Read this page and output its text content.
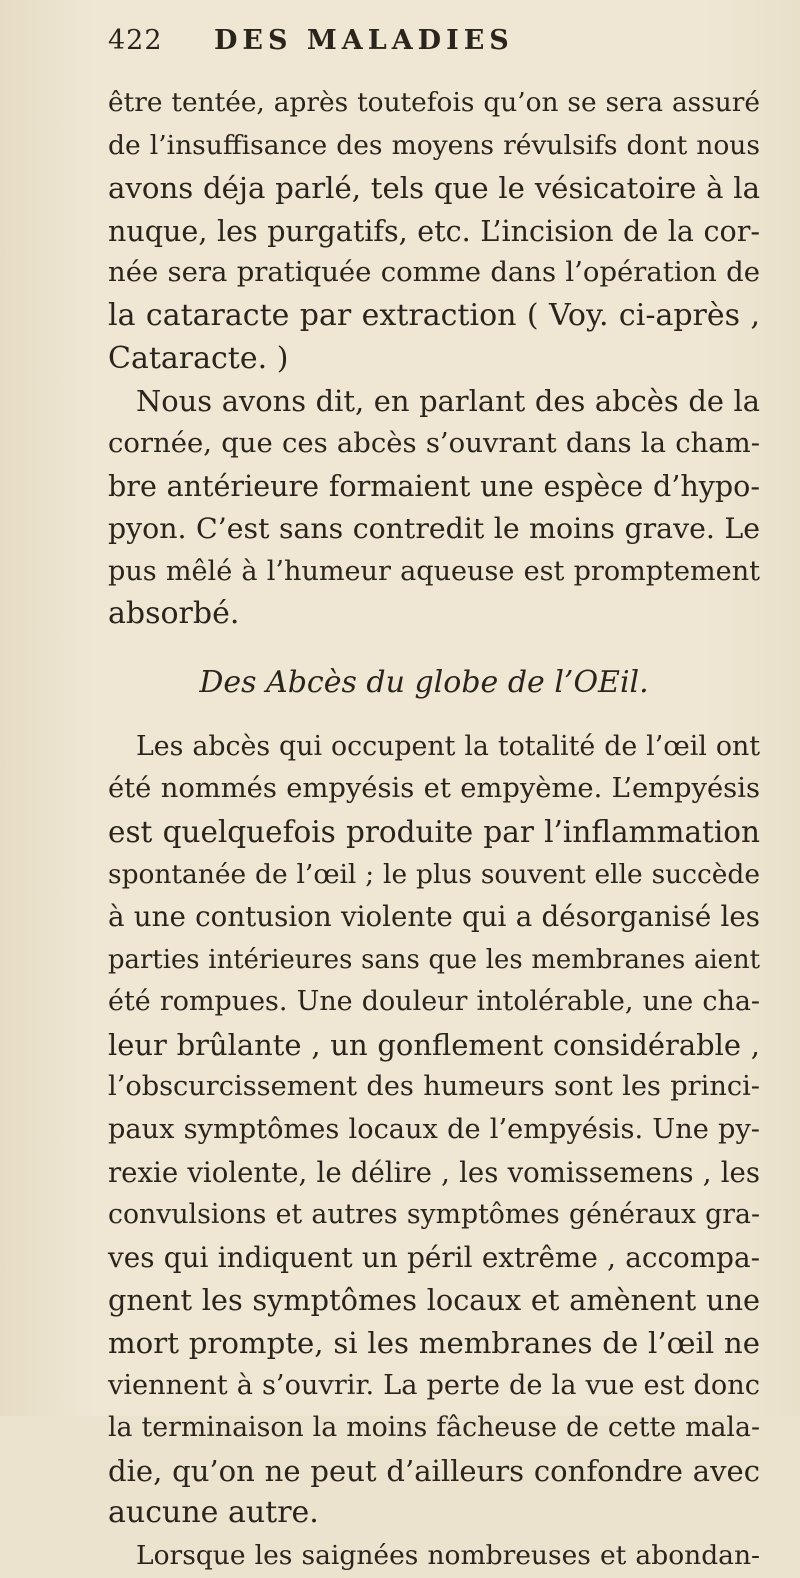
422 DES MALADIES

être tentée, après toutefois qu’on se sera assuré
de l’insuffisance des moyens révulsifs dont nous
avons déja parlé, tels que le vésicatoire à la
nuque, les purgatifs, etc. L’incision de la cor-
née sera pratiquée comme dans l’opération de
la cataracte par extraction ( Voy. ci-après ,
Cataracte. )

Nous avons dit, en parlant des abcès de la
cornée, que ces abcès s’ouvrant dans la cham-
bre antérieure formaient une espèce d’hypo-
pyon. C’est sans contredit le moins grave. Le
pus mêlé à l’humeur aqueuse est promptement
absorbé.

Des Abcès du globe de l’OEil.

Les abcès qui occupent la totalité de l’œil ont
été nommés empyésis et empyème. L’empyésis
est quelquefois produite par l’inflammation
spontanée de l’œil ; le plus souvent elle succède
à une contusion violente qui a désorganisé les
parties intérieures sans que les membranes aient
été rompues. Une douleur intolérable, une cha-
leur brûlante , un gonflement considérable ,
l’obscurcissement des humeurs sont les princi-
paux symptômes locaux de l’empyésis. Une py-
rexie violente, le délire , les vomissemens , les
convulsions et autres symptômes généraux gra-
ves qui indiquent un péril extrême , accompa-
gnent les symptômes locaux et amènent une
mort prompte, si les membranes de l’œil ne
viennent à s’ouvrir. La perte de la vue est donc
la terminaison la moins fâcheuse de cette mala-
die, qu’on ne peut d’ailleurs confondre avec
aucune autre.

Lorsque les saignées nombreuses et abondan-
